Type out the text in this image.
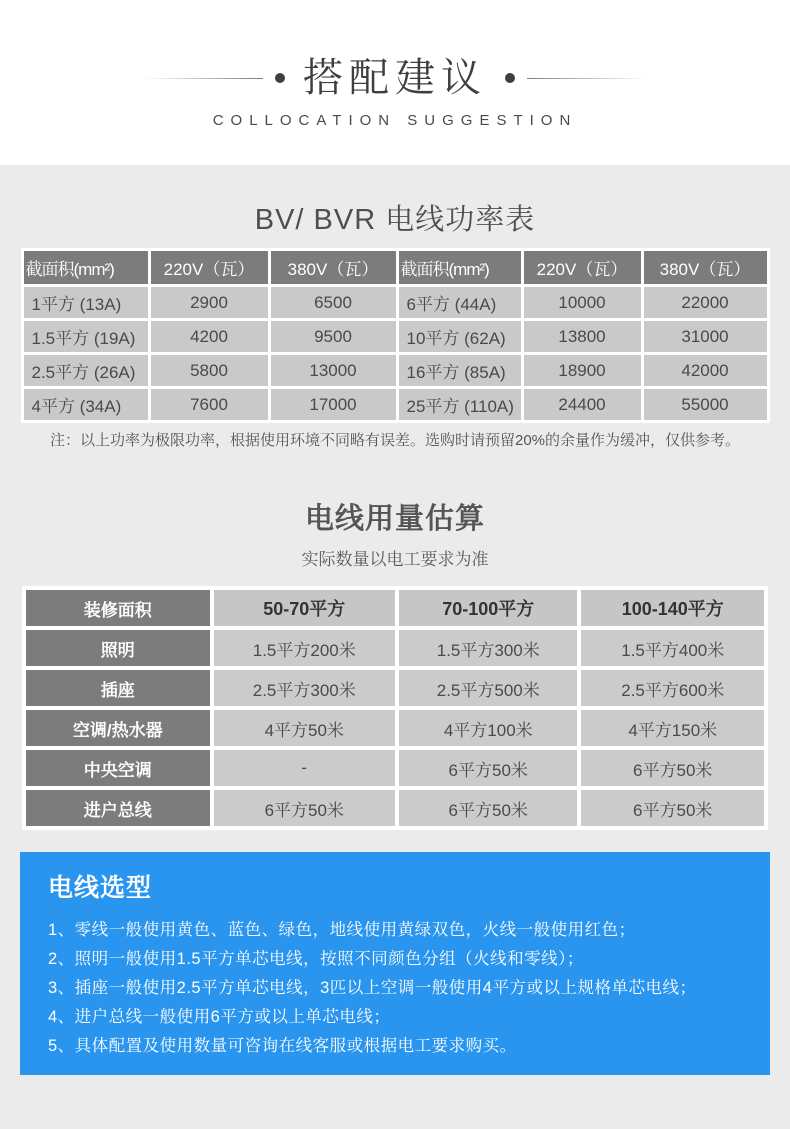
搭配建议
COLLOCATION SUGGESTION
BV/ BVR 电线功率表
截面积(mm²)	220V（瓦）	380V（瓦）	截面积(mm²)	220V（瓦）	380V（瓦）
1平方 (13A)	2900	6500	6平方 (44A)	10000	22000
1.5平方 (19A)	4200	9500	10平方 (62A)	13800	31000
2.5平方 (26A)	5800	13000	16平方 (85A)	18900	42000
4平方 (34A)	7600	17000	25平方 (110A)	24400	55000
注：以上功率为极限功率，根据使用环境不同略有误差。选购时请预留20%的余量作为缓冲，仅供参考。
电线用量估算
实际数量以电工要求为准
装修面积	50-70平方	70-100平方	100-140平方
照明	1.5平方200米	1.5平方300米	1.5平方400米
插座	2.5平方300米	2.5平方500米	2.5平方600米
空调/热水器	4平方50米	4平方100米	4平方150米
中央空调	-	6平方50米	6平方50米
进户总线	6平方50米	6平方50米	6平方50米
电线选型

1、零线一般使用黄色、蓝色、绿色，地线使用黄绿双色，火线一般使用红色；

2、照明一般使用1.5平方单芯电线，按照不同颜色分组（火线和零线）；

3、插座一般使用2.5平方单芯电线，3匹以上空调一般使用4平方或以上规格单芯电线；

4、进户总线一般使用6平方或以上单芯电线；

5、具体配置及使用数量可咨询在线客服或根据电工要求购买。
